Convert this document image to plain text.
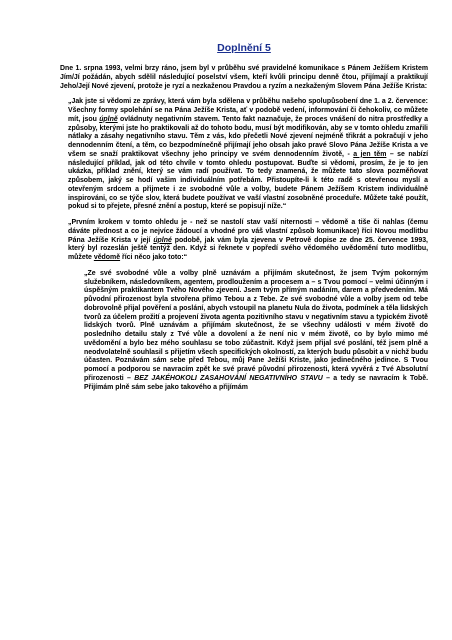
Doplnění 5

Dne 1. srpna 1993, velmi brzy ráno, jsem byl v průběhu své pravidelné komunikace s Pánem Ježíšem Kristem Jím/Jí požádán, abych sdělil následující poselství všem, kteří kvůli principu denně čtou, přijímají a praktikují Jeho/Její Nové zjevení, protože je ryzí a nezkaženou Pravdou a ryzím a nezkaženým Slovem Pána Ježíše Krista:

„Jak jste si vědomi ze zprávy, která vám byla sdělena v průběhu našeho spolupůsobení dne 1. a 2. července: Všechny formy spolehání se na Pána Ježíše Krista, ať v podobě vedení, informování či čehokoliv, co můžete mít, jsou úplně ovládnuty negativním stavem. Tento fakt naznačuje, že proces vnášení do nitra prostředky a způsoby, kterými jste ho praktikovali až do tohoto bodu, musí být modifikován, aby se v tomto ohledu zmařili nátlaky a zásahy negativního stavu. Těm z vás, kdo přečetli Nové zjevení nejméně třikrát a pokračují v jeho dennodenním čtení, a těm, co bezpodmínečně přijímají jeho obsah jako pravé Slovo Pána Ježíše Krista a ve všem se snaží praktikovat všechny jeho principy ve svém dennodenním životě, - a jen těm – se nabízí následující příklad, jak od této chvíle v tomto ohledu postupovat. Buďte si vědomi, prosím, že je to jen ukázka, příklad znění, který se vám radí používat. To tedy znamená, že můžete tato slova pozměňovat způsobem, jaký se hodí vašim individuálním potřebám. Přistoupíte-li k této radě s otevřenou myslí a otevřeným srdcem a přijmete i ze svobodné vůle a volby, budete Pánem Ježíšem Kristem individuálně inspirováni, co se týče slov, která budete používat ve vaší vlastní zosobněné proceduře. Můžete také použít, pokud si to přejete, přesné znění a postup, které se popisují níže.“

„Prvním krokem v tomto ohledu je - než se nastolí stav vaší niternosti – vědomě a tiše či nahlas (čemu dáváte přednost a co je nejvíce žádoucí a vhodné pro váš vlastní způsob komunikace) říci Novou modlitbu Pána Ježíše Krista v její úplné podobě, jak vám byla zjevena v Petrově dopise ze dne 25. července 1993, který byl rozeslán ještě tentýž den. Když si řeknete v popředí svého vědomého uvědomění tuto modlitbu, můžete vědomě říci něco jako toto:“

„Ze své svobodné vůle a volby plně uznávám a přijímám skutečnost, že jsem Tvým pokorným služebníkem, následovníkem, agentem, prodloužením a procesem a – s Tvou pomocí – velmi účinným i úspěšným praktikantem Tvého Nového zjevení. Jsem tvým přímým nadáním, darem a předvedením. Má původní přirozenost byla stvořena přímo Tebou a z Tebe. Ze své svobodné vůle a volby jsem od tebe dobrovolně přijal pověření a poslání, abych vstoupil na planetu Nula do života, podmínek a těla lidských tvorů za účelem prožití a projevení života agenta pozitivního stavu v negativním stavu a typickém životě lidských tvorů. Plně uznávám a přijímám skutečnost, že se všechny události v mém životě do posledního detailu staly z Tvé vůle a dovolení a že není nic v mém životě, co by bylo mimo mé uvědomění a bylo bez mého souhlasu se tobo zúčastnit. Když jsem přijal své poslání, též jsem plně a neodvolatelně souhlasil s přijetím všech specifických okolností, za kterých budu působit a v nichž budu účasten. Poznávám sám sebe před Tebou, můj Pane Ježíši Kriste, jako jedinečného jedince. S Tvou pomocí a podporou se navracím zpět ke své pravé původní přirozenosti, která vyvěrá z Tvé Absolutní přirozenosti – BEZ JAKÉHOKOLI ZASAHOVÁNÍ NEGATIVNÍHO STAVU – a tedy se navracím k Tobě. Přijímám plně sám sebe jako takového a přijímám
